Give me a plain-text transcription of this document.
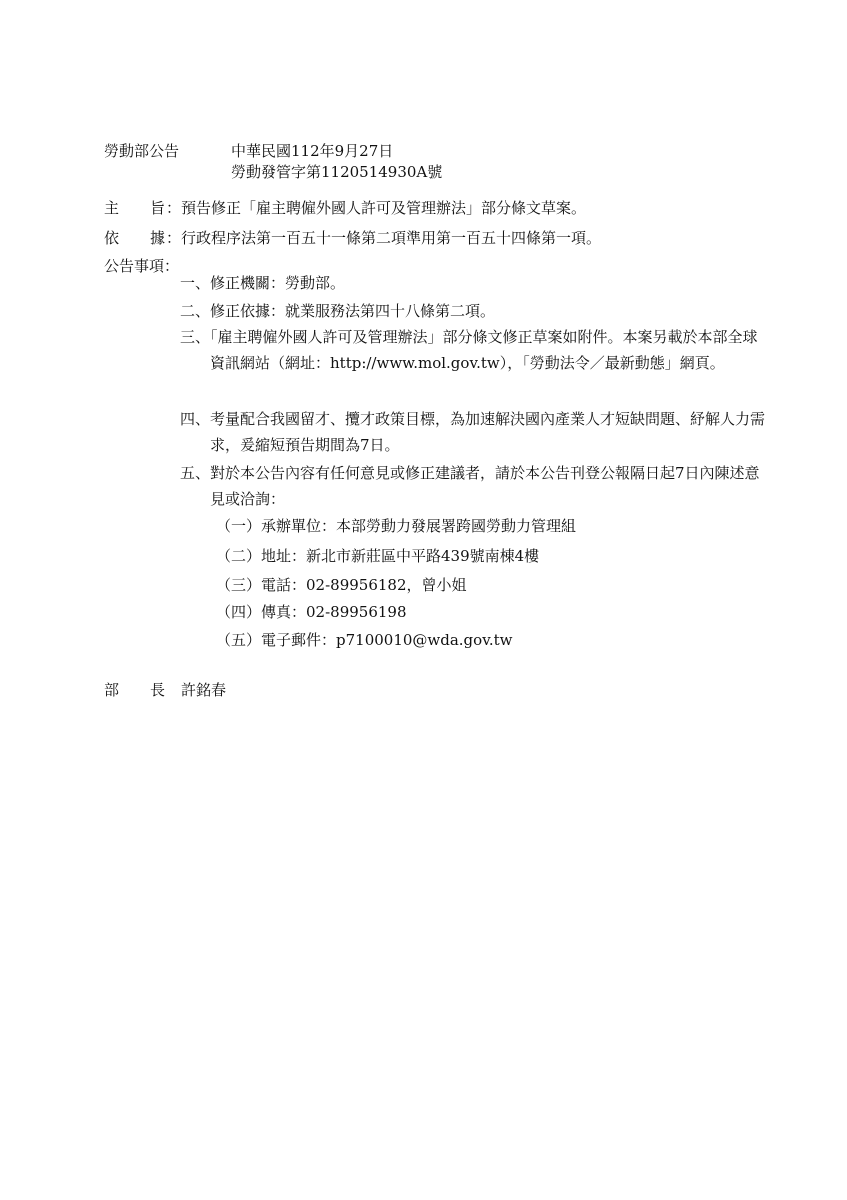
勞動部公告	中華民國112年9月27日
勞動發管字第1120514930A號
主 旨 ： 預告修正「雇主聘僱外國人許可及管理辦法」部分條文草案。
依 據 ： 行政程序法第一百五十一條第二項準用第一百五十四條第一項。
公告事項：
一、修正機關：勞動部。
二、修正依據：就業服務法第四十八條第二項。
三、「雇主聘僱外國人許可及管理辦法」部分條文修正草案如附件。本案另載於本部全球資訊網站（網址：http://www.mol.gov.tw），「勞動法令／最新動態」網頁。
四、考量配合我國留才、攬才政策目標，為加速解決國內產業人才短缺問題、紓解人力需求，爰縮短預告期間為7日。
五、對於本公告內容有任何意見或修正建議者，請於本公告刊登公報隔日起7日內陳述意見或洽詢：
（一）承辦單位：本部勞動力發展署跨國勞動力管理組
（二）地址：新北市新莊區中平路439號南棟4樓
（三）電話：02-89956182，曾小姐
（四）傳真：02-89956198
（五）電子郵件：p7100010@wda.gov.tw
部 長 許銘春
